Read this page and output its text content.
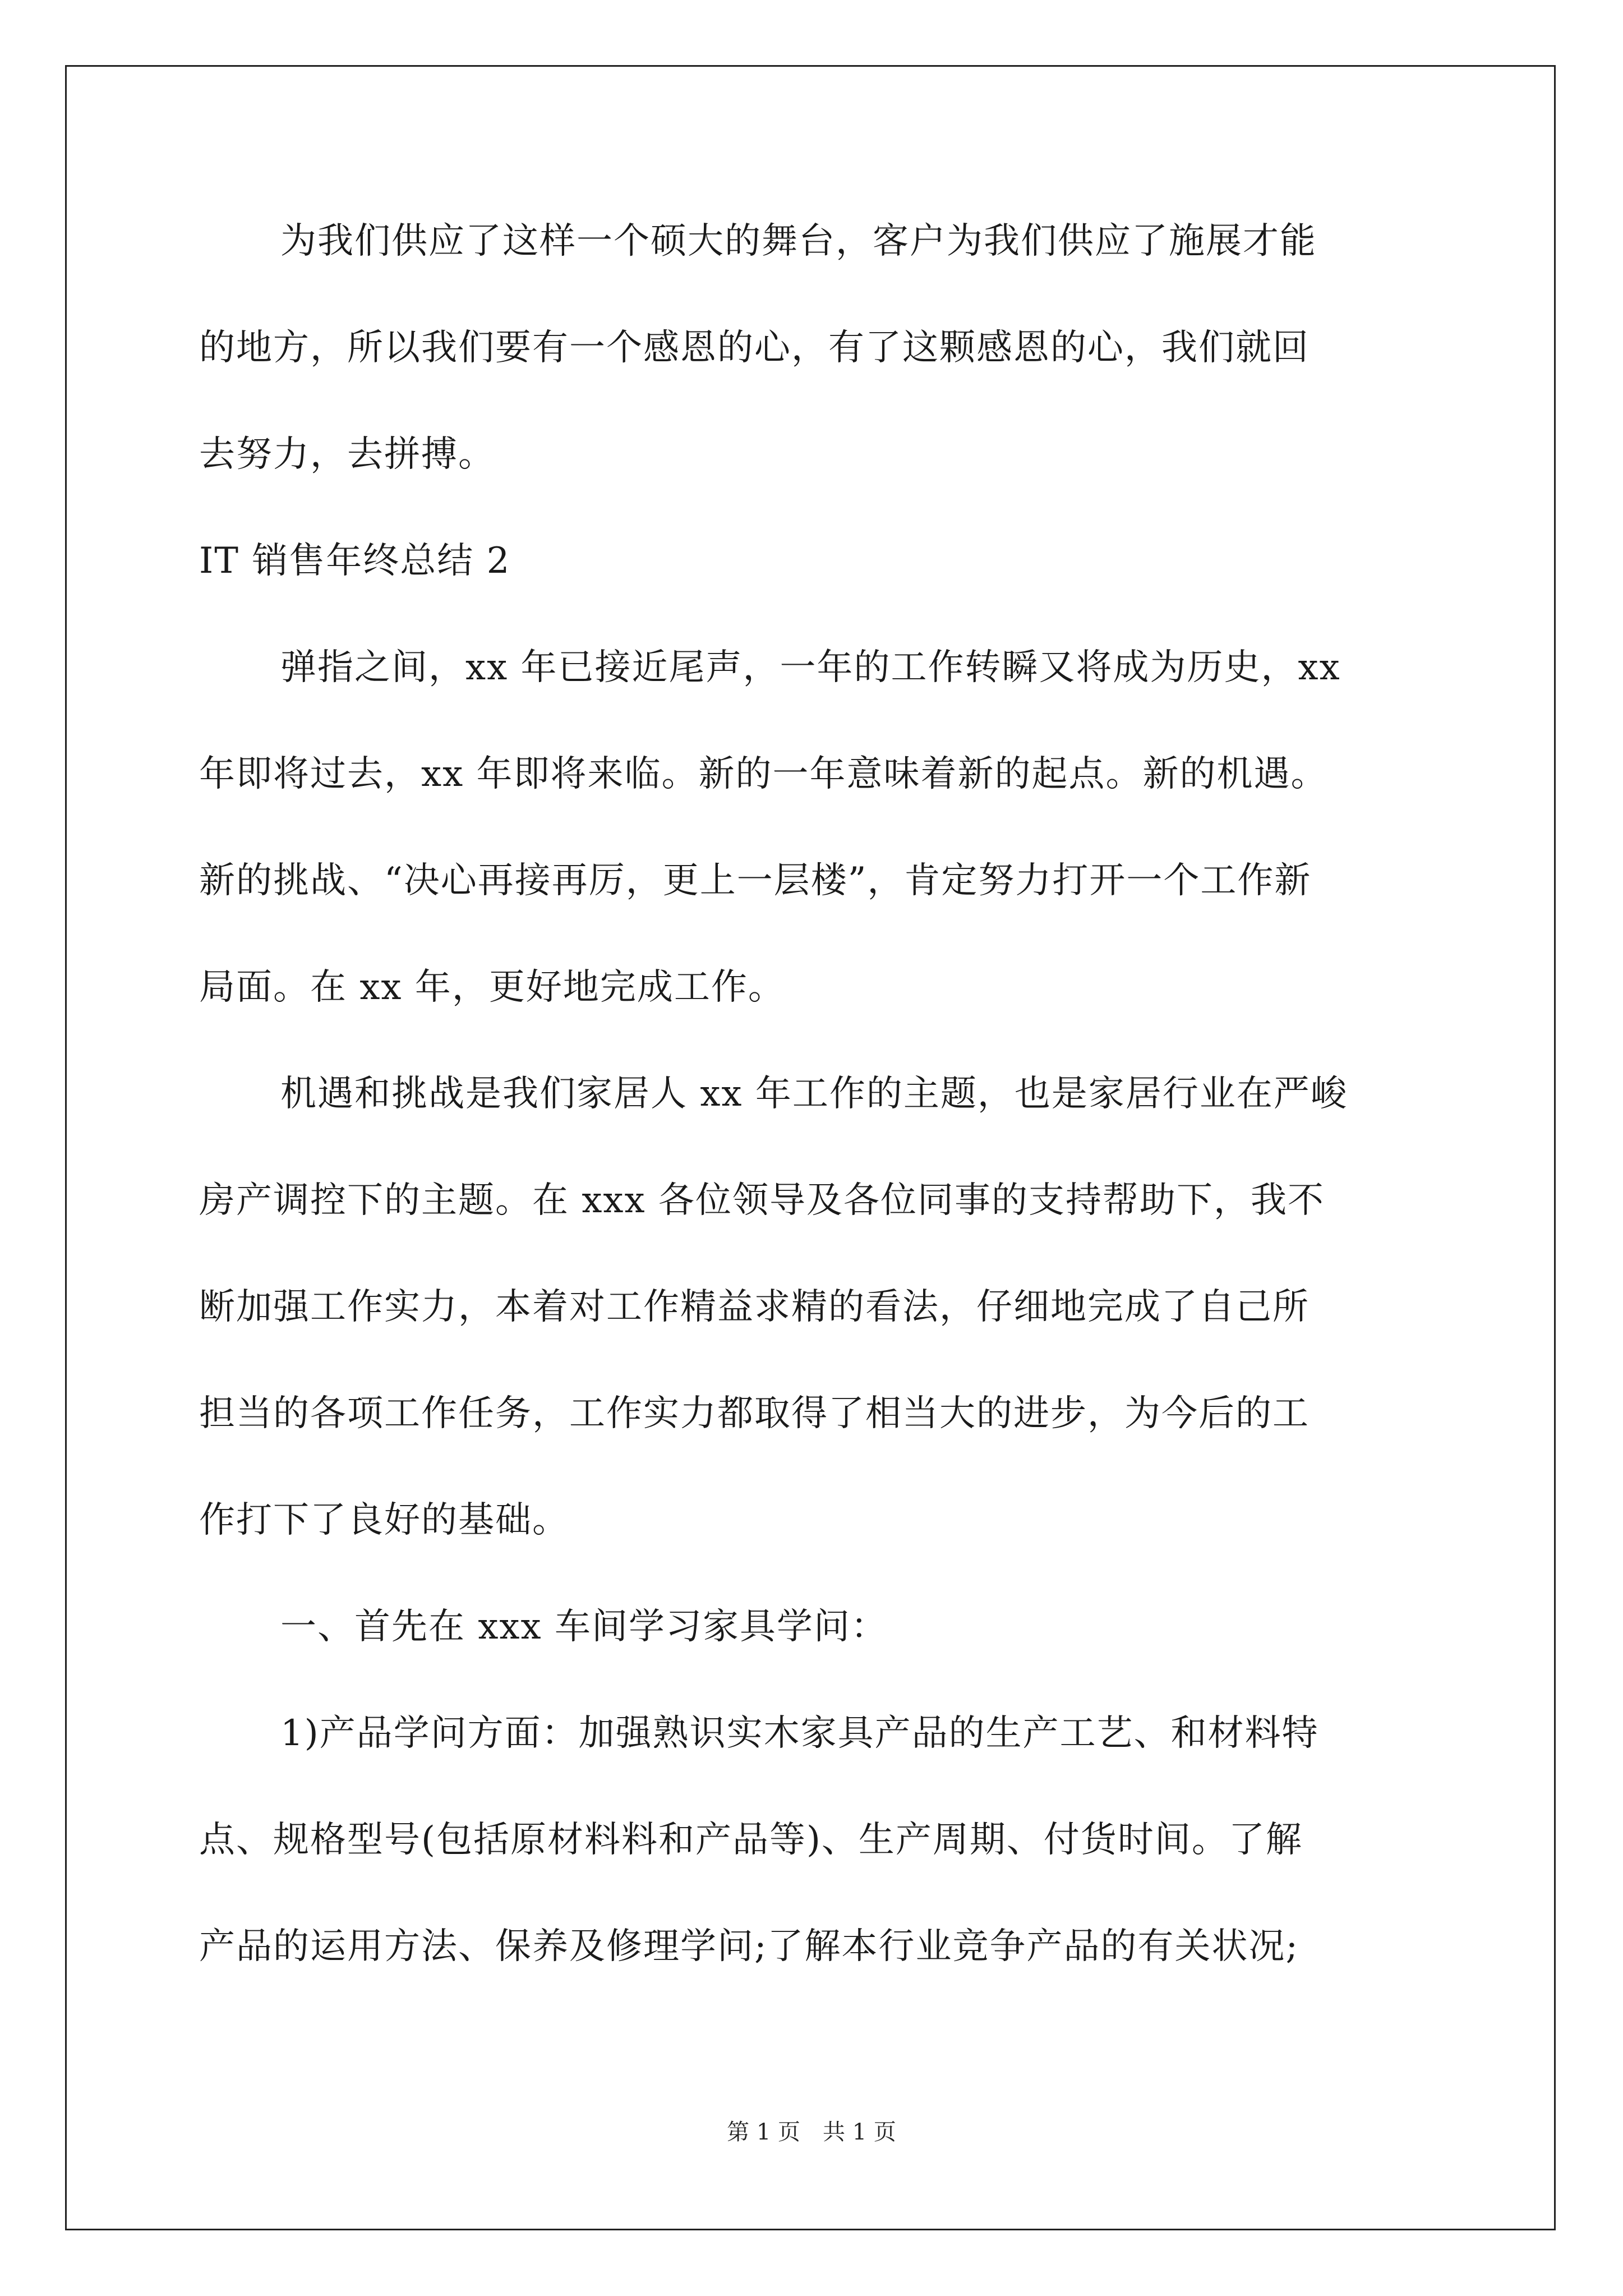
为我们供应了这样一个硕大的舞台，客户为我们供应了施展才能
的地方，所以我们要有一个感恩的心，有了这颗感恩的心，我们就回
去努力，去拼搏。
IT 销售年终总结 2
弹指之间，xx 年已接近尾声，一年的工作转瞬又将成为历史，xx
年即将过去，xx 年即将来临。新的一年意味着新的起点。新的机遇。
新的挑战、“决心再接再厉，更上一层楼”，肯定努力打开一个工作新
局面。在 xx 年，更好地完成工作。
机遇和挑战是我们家居人 xx 年工作的主题，也是家居行业在严峻
房产调控下的主题。在 xxx 各位领导及各位同事的支持帮助下，我不
断加强工作实力，本着对工作精益求精的看法，仔细地完成了自己所
担当的各项工作任务，工作实力都取得了相当大的进步，为今后的工
作打下了良好的基础。
一、首先在 xxx 车间学习家具学问：
1)产品学问方面：加强熟识实木家具产品的生产工艺、和材料特
点、规格型号(包括原材料料和产品等)、生产周期、付货时间。了解
产品的运用方法、保养及修理学问;了解本行业竞争产品的有关状况;
第 1 页　共 1 页
